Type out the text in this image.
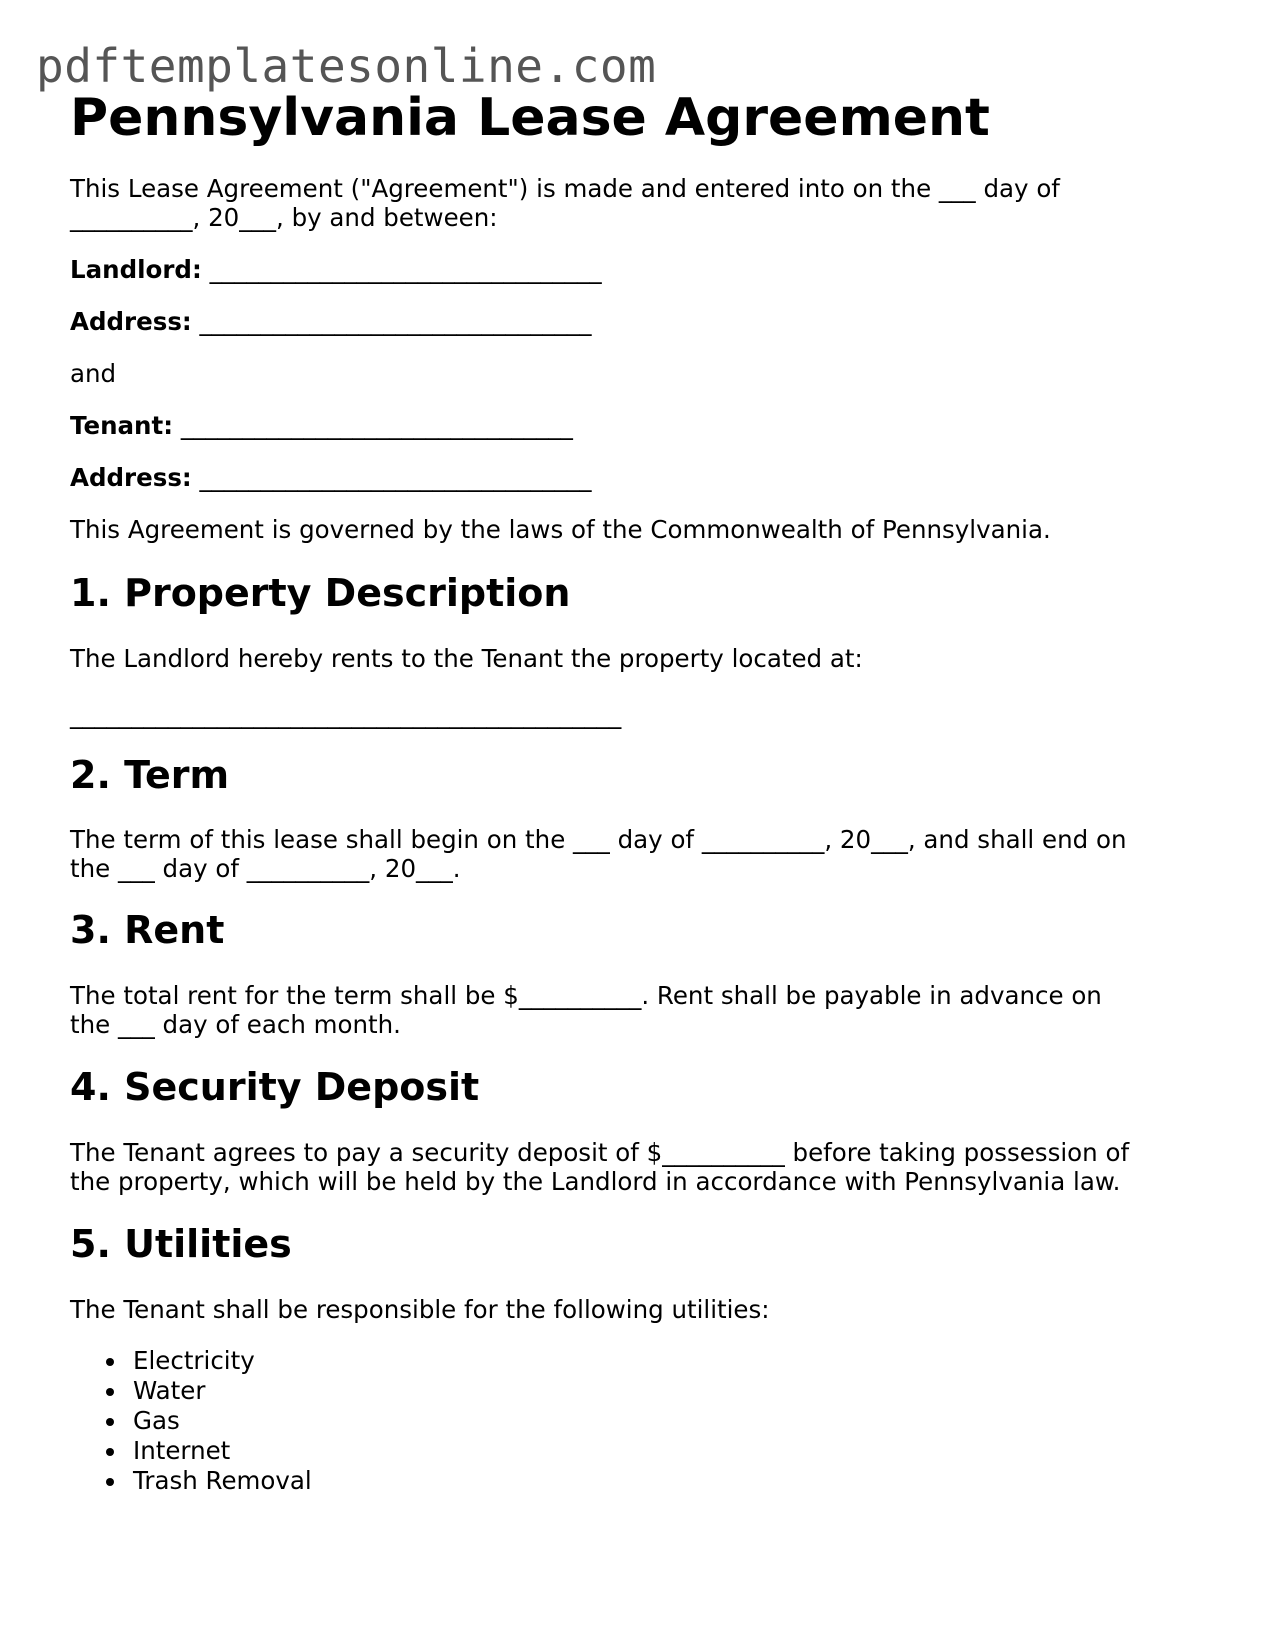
pdftemplatesonline.com
Pennsylvania Lease Agreement

This Lease Agreement ("Agreement") is made and entered into on the ___ day of __________, 20___, by and between:

Landlord: ________________________________

Address: ________________________________

and

Tenant: ________________________________

Address: ________________________________

This Agreement is governed by the laws of the Commonwealth of Pennsylvania.

1. Property Description

The Landlord hereby rents to the Tenant the property located at:

_____________________________________________

2. Term

The term of this lease shall begin on the ___ day of __________, 20___, and shall end on the ___ day of __________, 20___.

3. Rent

The total rent for the term shall be $__________. Rent shall be payable in advance on the ___ day of each month.

4. Security Deposit

The Tenant agrees to pay a security deposit of $__________ before taking possession of the property, which will be held by the Landlord in accordance with Pennsylvania law.

5. Utilities

The Tenant shall be responsible for the following utilities:

Electricity
Water
Gas
Internet
Trash Removal
